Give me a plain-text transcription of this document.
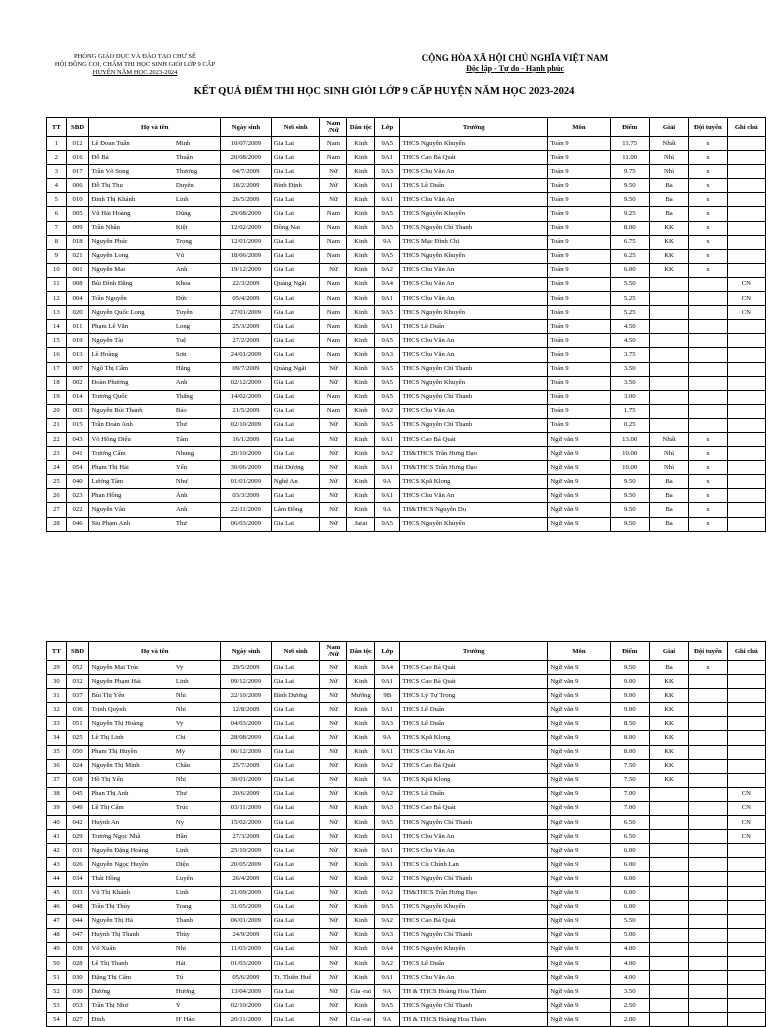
PHÒNG GIÁO DỤC VÀ ĐÀO TẠO CHƯ SÊ
HỘI ĐỒNG COI, CHẤM THI HỌC SINH GIỎI LỚP 9 CẤP
HUYỆN NĂM HỌC 2023-2024
CỘNG HÒA XÃ HỘI CHỦ NGHĨA VIỆT NAM
Độc lập - Tự do - Hạnh phúc
KẾT QUẢ ĐIỂM THI HỌC SINH GIỎI LỚP 9 CẤP HUYỆN NĂM HỌC 2023-2024
TT	SBD	Họ và tên		Ngày sinh	Nơi sinh	Nam /Nữ	Dân tộc	Lớp	Trường	Môn	Điểm	Giải	Đội tuyển	Ghi chú
1	012	Lê Đoan Tuấn	Minh	10/07/2009	Gia Lai	Nam	Kinh	9A5	THCS Nguyễn Khuyến	Toán 9	11.75	Nhất	x	
2	016	Đỗ Bá	Thuận	20/08/2009	Gia Lai	Nam	Kinh	9A1	THCS Cao Bá Quát	Toán 9	11.00	Nhì	x	
3	017	Trần Võ Song	Thương	04/7/2009	Gia Lai	Nữ	Kinh	9A3	THCS Chu Văn An	Toán 9	9.75	Nhì	x	
4	006	Đỗ Thị Thu	Duyên	18/2/2009	Bình Định	Nữ	Kinh	9A1	THCS Lê Duẩn	Toán 9	9.50	Ba	x	
5	010	Đinh Thị Khánh	Linh	26/5/2009	Gia Lai	Nữ	Kinh	9A1	THCS Chu Văn An	Toán 9	9.50	Ba	x	
6	005	Vũ Hải Hoàng	Dũng	29/08/2009	Gia Lai	Nam	Kinh	9A5	THCS Nguyễn Khuyến	Toán 9	9.25	Ba	x	
7	009	Trần Nhân	Kiệt	12/02/2009	Đồng Nai	Nam	Kinh	9A5	THCS Nguyễn Chí Thanh	Toán 9	8.00	KK	x	
8	018	Nguyễn Phúc	Trọng	12/01/2009	Gia Lai	Nam	Kinh	9A	THCS Mạc Đĩnh Chi	Toán 9	6.75	KK	x	
9	021	Nguyễn Long	Vũ	18/06/2009	Gia Lai	Nam	Kinh	9A5	THCS Nguyễn Khuyến	Toán 9	6.25	KK	x	
10	001	Nguyễn Mai	Anh	19/12/2009	Gia Lai	Nữ	Kinh	9A2	THCS Chu Văn An	Toán 9	6.00	KK	x	
11	008	Bùi Đình Đăng	Khoa	22/3/2009	Quảng Ngãi	Nam	Kinh	9A4	THCS Chu Văn An	Toán 9	5.50			CN
12	004	Trần Nguyên	Đức	05/4/2009	Gia Lai	Nam	Kinh	9A1	THCS Chu Văn An	Toán 9	5.25			CN
13	020	Nguyễn Quốc Long	Tuyên	27/01/2009	Gia Lai	Nam	Kinh	9A5	THCS Nguyễn Khuyến	Toán 9	5.25			CN
14	011	Phạm Lê Văn	Long	25/3/2009	Gia Lai	Nam	Kinh	9A1	THCS Lê Duẩn	Toán 9	4.50			
15	019	Nguyễn Tài	Tuệ	27/2/2009	Gia Lai	Nam	Kinh	9A5	THCS Chu Văn An	Toán 9	4.50			
16	013	Lê Hoàng	Sơn	24/01/2009	Gia Lai	Nam	Kinh	9A3	THCS Chu Văn An	Toán 9	3.75			
17	007	Ngô Thị Cẩm	Hằng	09/7/2009	Quảng Ngãi	Nữ	Kinh	9A5	THCS Nguyễn Chí Thanh	Toán 9	3.50			
18	002	Đoàn Phương	Anh	02/12/2009	Gia Lai	Nữ	Kinh	9A5	THCS Nguyễn Khuyến	Toán 9	3.50			
19	014	Trương Quốc	Thắng	14/02/2009	Gia Lai	Nam	Kinh	9A5	THCS Nguyễn Chí Thanh	Toán 9	3.00			
20	003	Nguyễn Bùi Thanh	Bảo	21/5/2009	Gia Lai	Nam	Kinh	9A2	THCS Chu Văn An	Toán 9	1.75			
21	015	Trần Đoàn Anh	Thư	02/10/2009	Gia Lai	Nữ	Kinh	9A5	THCS Nguyễn Chí Thanh	Toán 9	0.25			
22	043	Võ Hồng Diệu	Tâm	16/1/2009	Gia Lai	Nữ	Kinh	9A1	THCS Cao Bá Quát	Ngữ văn 9	13.00	Nhất	x	
23	041	Trương Cẩm	Nhung	20/10/2009	Gia Lai	Nữ	Kinh	9A2	TH&THCS Trần Hưng Đạo	Ngữ văn 9	10.00	Nhì	x	
24	054	Phạm Thị Hải	Yến	30/06/2009	Hải Dương	Nữ	Kinh	9A1	TH&THCS Trần Hưng Đạo	Ngữ văn 9	10.00	Nhì	x	
25	040	Lương Tâm	Như	01/01/2009	Nghệ An	Nữ	Kinh	9A	THCS Kpă Klong	Ngữ văn 9	9.50	Ba	x	
26	023	Phan Hồng	Ánh	03/3/2009	Gia Lai	Nữ	Kinh	9A1	THCS Chu Văn An	Ngữ văn 9	9.50	Ba	x	
27	022	Nguyễn Vân	Anh	22/11/2009	Lâm Đồng	Nữ	Kinh	9A	TH&THCS Nguyễn Du	Ngữ văn 9	9.50	Ba	x	
28	046	Siu Phạm Anh	Thư	06/03/2009	Gia Lai	Nữ	Jarai	9A5	THCS Nguyễn Khuyến	Ngữ văn 9	9.50	Ba	x	
TT	SBD	Họ và tên		Ngày sinh	Nơi sinh	Nam /Nữ	Dân tộc	Lớp	Trường	Môn	Điểm	Giải	Đội tuyển	Ghi chú
29	052	Nguyễn Mai Trúc	Vy	29/5/2009	Gia Lai	Nữ	Kinh	9A4	THCS Cao Bá Quát	Ngữ văn 9	9.50	Ba	x	
30	032	Nguyễn Phạm Hải	Linh	09/12/2009	Gia Lai	Nữ	Kinh	9A1	THCS Cao Bá Quát	Ngữ văn 9	9.00	KK		
31	037	Bùi Thị Yến	Nhi	22/10/2009	Bình Dương	Nữ	Mường	9B	THCS Lý Tự Trọng	Ngữ văn 9	9.00	KK		
32	036	Trịnh Quỳnh	Nhi	12/8/2009	Gia Lai	Nữ	Kinh	9A1	THCS Lê Duẩn	Ngữ văn 9	9.00	KK		
33	051	Nguyễn Thị Hoàng	Vy	04/03/2009	Gia Lai	Nữ	Kinh	9A3	THCS Lê Duẩn	Ngữ văn 9	8.50	KK		
34	025	Lê Thị Linh	Chi	28/08/2009	Gia Lai	Nữ	Kinh	9A	THCS Kpă Klong	Ngữ văn 9	8.00	KK		
35	050	Phạm Thị Huyền	My	06/12/2009	Gia Lai	Nữ	Kinh	9A1	THCS Chu Văn An	Ngữ văn 9	8.00	KK		
36	024	Nguyễn Thị Minh	Châu	25/7/2009	Gia Lai	Nữ	Kinh	9A2	THCS Cao Bá Quát	Ngữ văn 9	7.50	KK		
37	038	Hồ Thị Yến	Nhi	30/01/2009	Gia Lai	Nữ	Kinh	9A	THCS Kpă Klong	Ngữ văn 9	7.50	KK		
38	045	Phan Thị Anh	Thư	20/6/2009	Gia Lai	Nữ	Kinh	9A2	THCS Lê Duẩn	Ngữ văn 9	7.00			CN
39	049	Lê Thị Cẩm	Trúc	03/11/2009	Gia Lai	Nữ	Kinh	9A3	THCS Cao Bá Quát	Ngữ văn 9	7.00			CN
40	042	Huỳnh An	Ny	15/02/2009	Gia Lai	Nữ	Kinh	9A5	THCS Nguyễn Chí Thanh	Ngữ văn 9	6.50			CN
41	029	Trương Ngọc Nhã	Hân	27/3/2009	Gia Lai	Nữ	Kinh	9A1	THCS Chu Văn An	Ngữ văn 9	6.50			CN
42	031	Nguyễn Đặng Hoàng	Linh	25/10/2009	Gia Lai	Nữ	Kinh	9A1	THCS Chu Văn An	Ngữ văn 9	6.00			
43	026	Nguyễn Ngọc Huyền	Diệu	20/05/2009	Gia Lai	Nữ	Kinh	9A1	THCS Cù Chính Lan	Ngữ văn 9	6.00			
44	034	Thái Hồng	Luyến	26/4/2009	Gia Lai	Nữ	Kinh	9A2	THCS Nguyễn Chí Thanh	Ngữ văn 9	6.00			
45	033	Vũ Thị Khánh	Linh	21/09/2009	Gia Lai	Nữ	Kinh	9A2	TH&THCS Trần Hưng Đạo	Ngữ văn 9	6.00			
46	048	Trần Thị Thùy	Trang	31/05/2009	Gia Lai	Nữ	Kinh	9A5	THCS Nguyễn Khuyến	Ngữ văn 9	6.00			
47	044	Nguyễn Thị Hà	Thanh	06/01/2009	Gia Lai	Nữ	Kinh	9A2	THCS Cao Bá Quát	Ngữ văn 9	5.50			
48	047	Huỳnh Thị Thanh	Thùy	24/9/2009	Gia Lai	Nữ	Kinh	9A3	THCS Nguyễn Chí Thanh	Ngữ văn 9	5.00			
49	039	Võ Xuân	Nhi	11/03/2009	Gia Lai	Nữ	Kinh	9A4	THCS Nguyễn Khuyến	Ngữ văn 9	4.00			
50	028	Lê Thị Thanh	Hải	01/03/2009	Gia Lai	Nữ	Kinh	9A2	THCS Lê Duẩn	Ngữ văn 9	4.00			
51	030	Đặng Thị Cẩm	Tú	05/6/2009	Tt. Thiên Huế	Nữ	Kinh	9A1	THCS Chu Văn An	Ngữ văn 9	4.00			
52	030	Dương	Hương	13/04/2009	Gia Lai	Nữ	Gia -rai	9A	TH & THCS Hoàng Hoa Thám	Ngữ văn 9	3.50			
53	053	Trần Thị Như	Ý	02/10/2009	Gia Lai	Nữ	Kinh	9A5	THCS Nguyễn Chí Thanh	Ngữ văn 9	2.50			
54	027	Đinh	H' Hảo	20/11/2009	Gia Lai	Nữ	Gia -rai	9A	TH & THCS Hoàng Hoa Thám	Ngữ văn 9	2.00			
